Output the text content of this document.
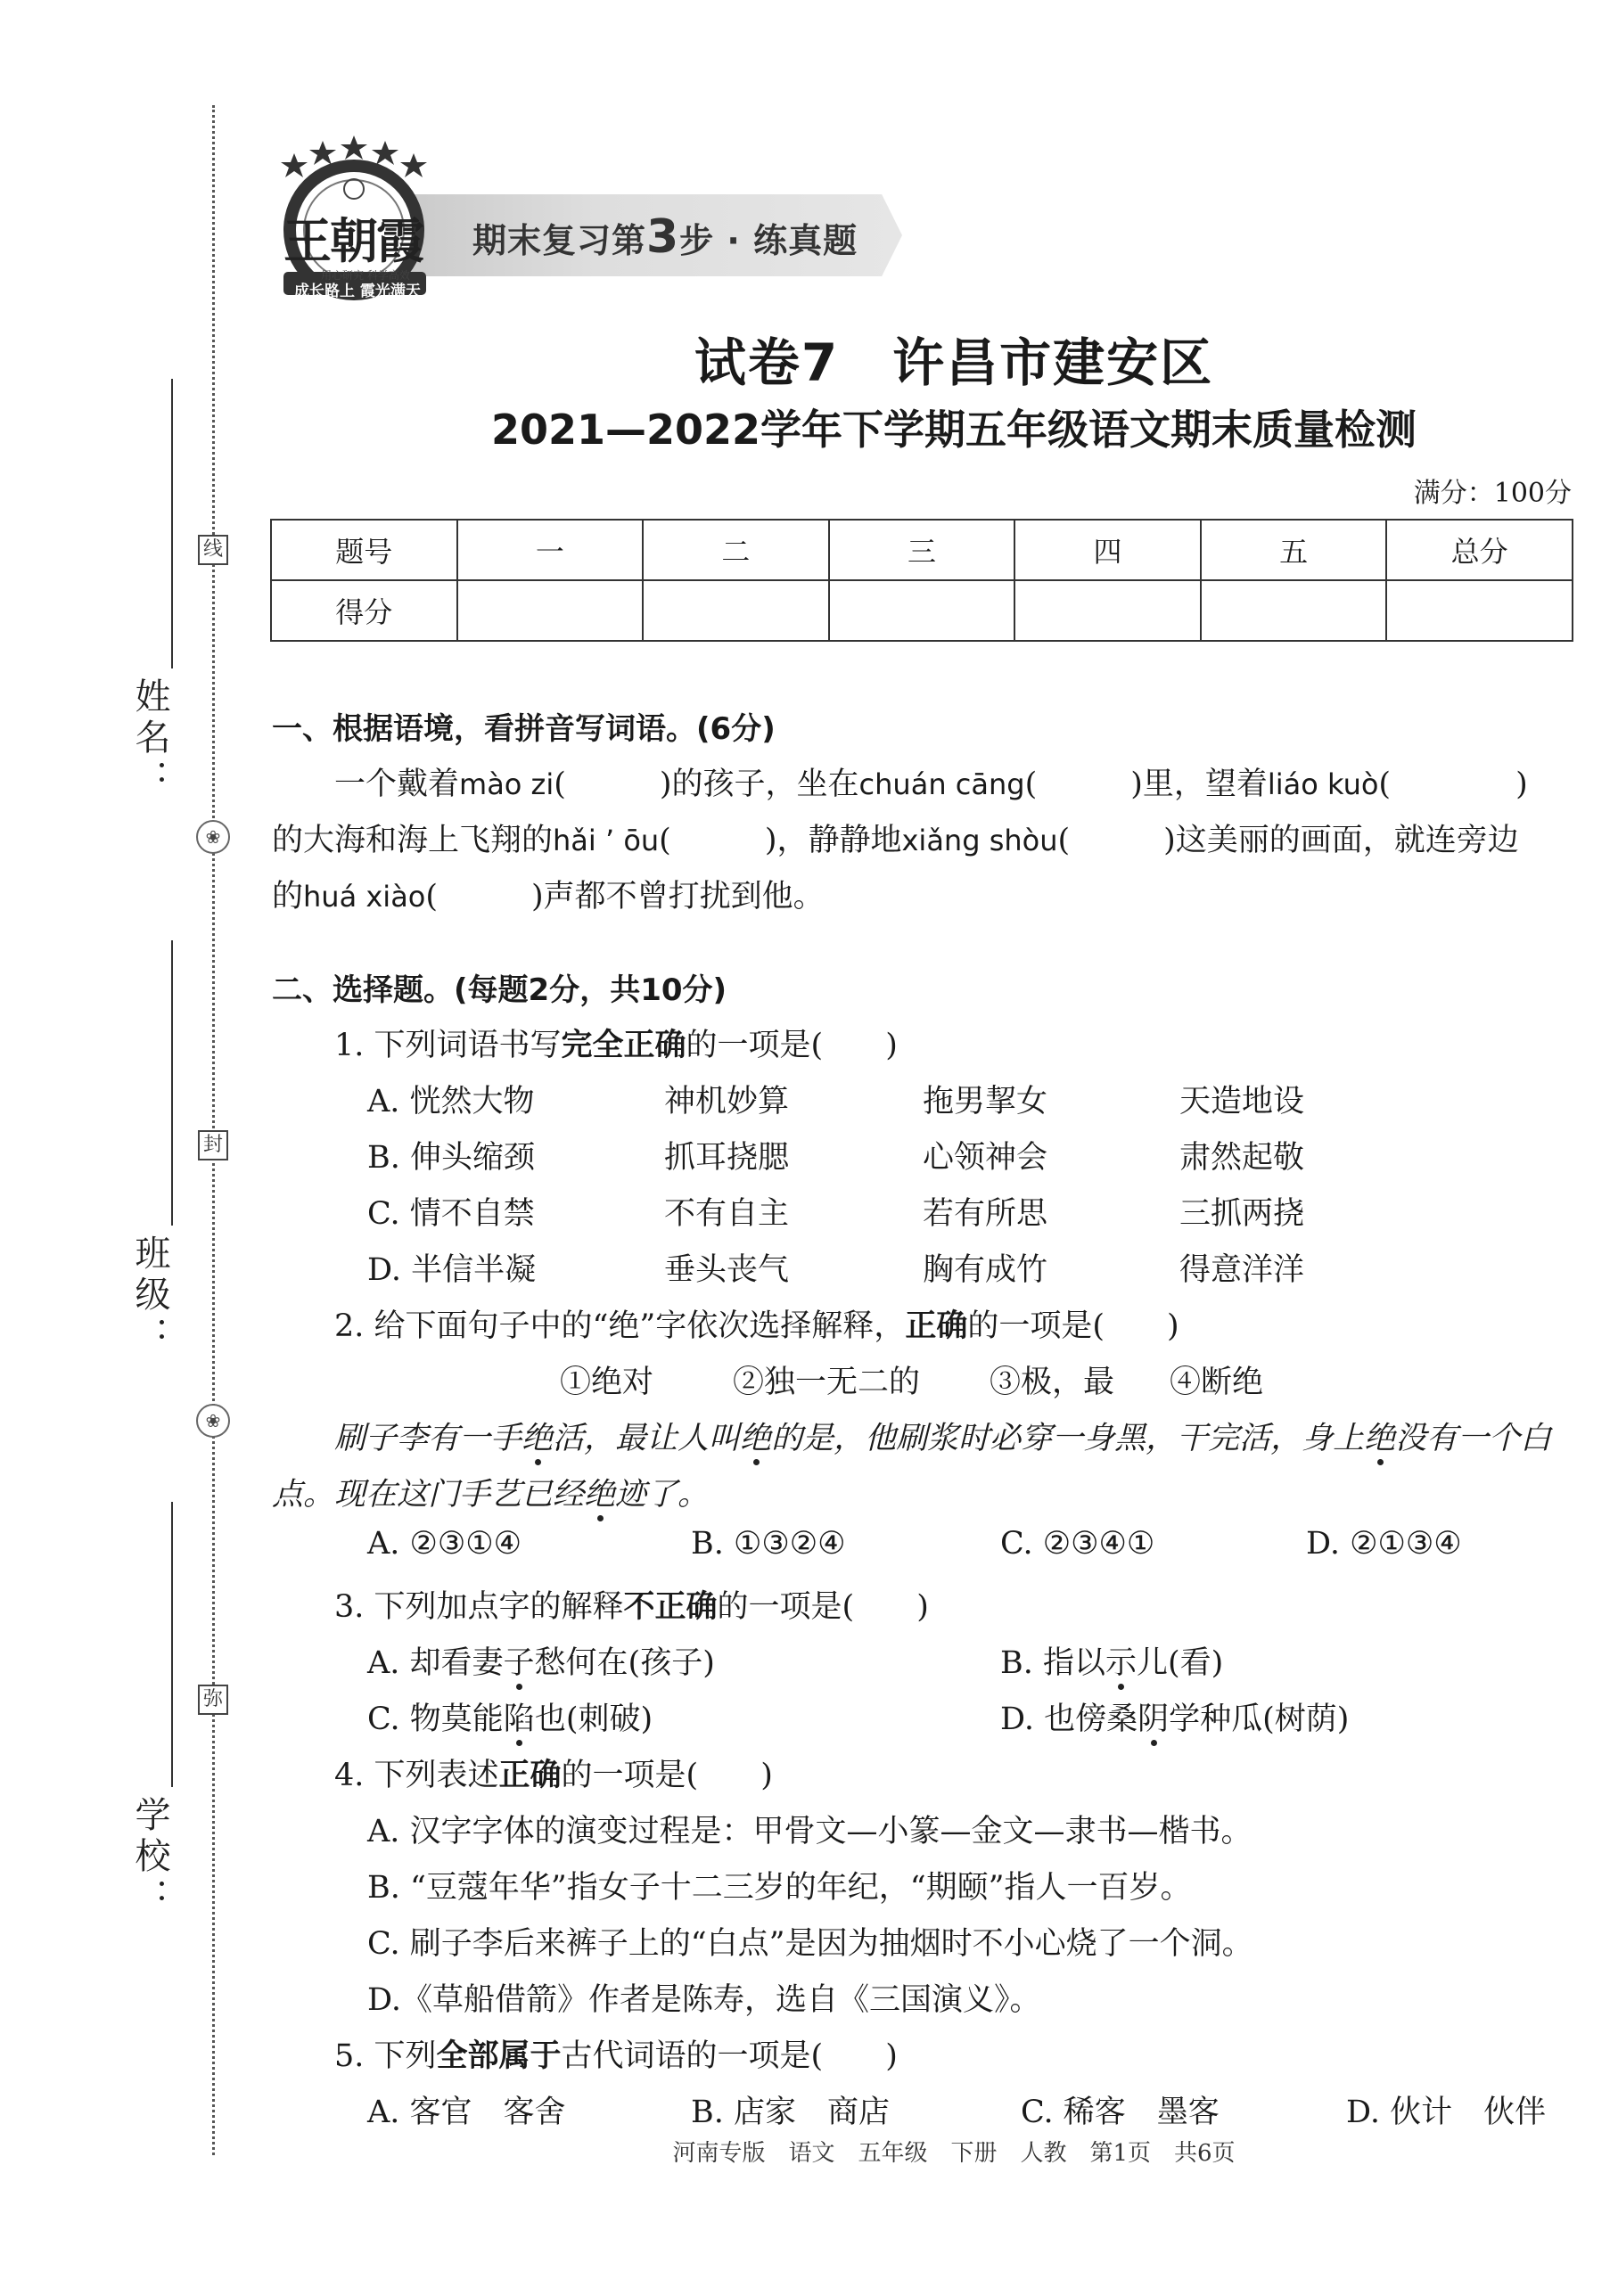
线
❀
封
❀
弥
姓名：
班级：
学校：
期末复习第3步 · 练真题
王朝霞
用心研究 科学高效
成长路上 霞光满天
试卷7　许昌市建安区
2021—2022学年下学期五年级语文期末质量检测
满分：100分
题号	一	二	三	四	五	总分
得分						
一、根据语境，看拼音写词语。(6分)
一个戴着mào zi(　　　)的孩子，坐在chuán cāng(　　　)里，望着liáo kuò(　　　　)
的大海和海上飞翔的hǎi ’ ōu(　　　)，静静地xiǎng shòu(　　　)这美丽的画面，就连旁边
的huá xiào(　　　)声都不曾打扰到他。
二、选择题。(每题2分，共10分)
1. 下列词语书写完全正确的一项是(　　)
A. 恍然大物	神机妙算	拖男挈女	天造地设
B. 伸头缩颈	抓耳挠腮	心领神会	肃然起敬
C. 情不自禁	不有自主	若有所思	三抓两挠
D. 半信半凝	垂头丧气	胸有成竹	得意洋洋
2. 给下面句子中的“绝”字依次选择解释，正确的一项是(　　)
①绝对	②独一无二的 ③极，最 ④断绝
刷子李有一手绝活，最让人叫绝的是，他刷浆时必穿一身黑，干完活，身上绝没有一个白
点。现在这门手艺已经绝迹了。
A. ②③①④	B. ①③②④	C. ②③④①	D. ②①③④
3. 下列加点字的解释不正确的一项是(　　)
A. 却看妻子愁何在(孩子)	B. 指以示儿(看)
C. 物莫能陷也(刺破)	D. 也傍桑阴学种瓜(树荫)
4. 下列表述正确的一项是(　　)
A. 汉字字体的演变过程是：甲骨文—小篆—金文—隶书—楷书。
B. “豆蔻年华”指女子十二三岁的年纪，“期颐”指人一百岁。
C. 刷子李后来裤子上的“白点”是因为抽烟时不小心烧了一个洞。
D.《草船借箭》作者是陈寿，选自《三国演义》。
5. 下列全部属于古代词语的一项是(　　)
A. 客官　客舍	B. 店家　商店	C. 稀客　墨客	D. 伙计　伙伴
河南专版　语文　五年级　下册　人教　第1页　共6页
